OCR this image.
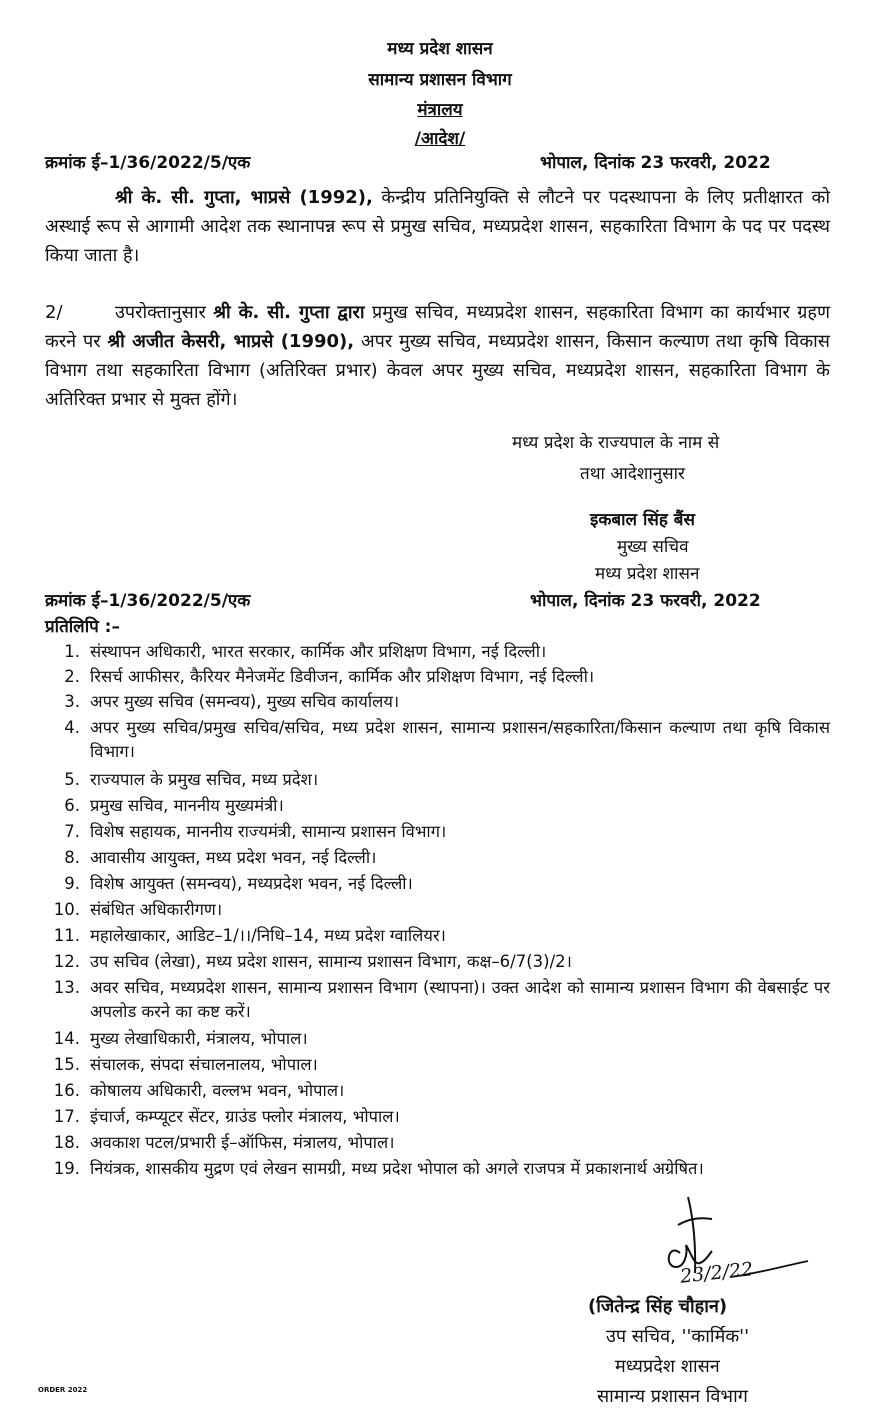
मध्य प्रदेश शासन
सामान्य प्रशासन विभाग
मंत्रालय
/आदेश/
क्रमांक ई–1/36/2022/5/एक	भोपाल, दिनांक 23 फरवरी, 2022
श्री के. सी. गुप्ता, भाप्रसे (1992), केन्द्रीय प्रतिनियुक्ति से लौटने पर पदस्थापना के लिए प्रतीक्षारत को अस्थाई रूप से आगामी आदेश तक स्थानापन्न रूप से प्रमुख सचिव, मध्यप्रदेश शासन, सहकारिता विभाग के पद पर पदस्थ किया जाता है।
2/	उपरोक्तानुसार श्री के. सी. गुप्ता द्वारा प्रमुख सचिव, मध्यप्रदेश शासन, सहकारिता विभाग का कार्यभार ग्रहण करने पर श्री अजीत केसरी, भाप्रसे (1990), अपर मुख्य सचिव, मध्यप्रदेश शासन, किसान कल्याण तथा कृषि विकास विभाग तथा सहकारिता विभाग (अतिरिक्त प्रभार) केवल अपर मुख्य सचिव, मध्यप्रदेश शासन, सहकारिता विभाग के अतिरिक्त प्रभार से मुक्त होंगे।
मध्य प्रदेश के राज्यपाल के नाम से
तथा आदेशानुसार
इकबाल सिंह बैंस
मुख्य सचिव
मध्य प्रदेश शासन
क्रमांक ई–1/36/2022/5/एक	भोपाल, दिनांक 23 फरवरी, 2022
प्रतिलिपि :–
1. संस्थापन अधिकारी, भारत सरकार, कार्मिक और प्रशिक्षण विभाग, नई दिल्ली।
2. रिसर्च आफीसर, कैरियर मैनेजमेंट डिवीजन, कार्मिक और प्रशिक्षण विभाग, नई दिल्ली।
3. अपर मुख्य सचिव (समन्वय), मुख्य सचिव कार्यालय।
4. अपर मुख्य सचिव/प्रमुख सचिव/सचिव, मध्य प्रदेश शासन, सामान्य प्रशासन/सहकारिता/किसान कल्याण तथा कृषि विकास विभाग।
5. राज्यपाल के प्रमुख सचिव, मध्य प्रदेश।
6. प्रमुख सचिव, माननीय मुख्यमंत्री।
7. विशेष सहायक, माननीय राज्यमंत्री, सामान्य प्रशासन विभाग।
8. आवासीय आयुक्त, मध्य प्रदेश भवन, नई दिल्ली।
9. विशेष आयुक्त (समन्वय), मध्यप्रदेश भवन, नई दिल्ली।
10. संबंधित अधिकारीगण।
11. महालेखाकार, आडिट–1/।।/निधि–14, मध्य प्रदेश ग्वालियर।
12. उप सचिव (लेखा), मध्य प्रदेश शासन, सामान्य प्रशासन विभाग, कक्ष–6/7(3)/2।
13. अवर सचिव, मध्यप्रदेश शासन, सामान्य प्रशासन विभाग (स्थापना)। उक्त आदेश को सामान्य प्रशासन विभाग की वेबसाईट पर अपलोड करने का कष्ट करें।
14. मुख्य लेखाधिकारी, मंत्रालय, भोपाल।
15. संचालक, संपदा संचालनालय, भोपाल।
16. कोषालय अधिकारी, वल्लभ भवन, भोपाल।
17. इंचार्ज, कम्प्यूटर सेंटर, ग्राउंड फ्लोर मंत्रालय, भोपाल।
18. अवकाश पटल/प्रभारी ई–ऑफिस, मंत्रालय, भोपाल।
19. नियंत्रक, शासकीय मुद्रण एवं लेखन सामग्री, मध्य प्रदेश भोपाल को अगले राजपत्र में प्रकाशनार्थ अग्रेषित।
23/2/22
(जितेन्द्र सिंह चौहान)
उप सचिव, ''कार्मिक''
मध्यप्रदेश शासन
सामान्य प्रशासन विभाग
ORDER 2022
